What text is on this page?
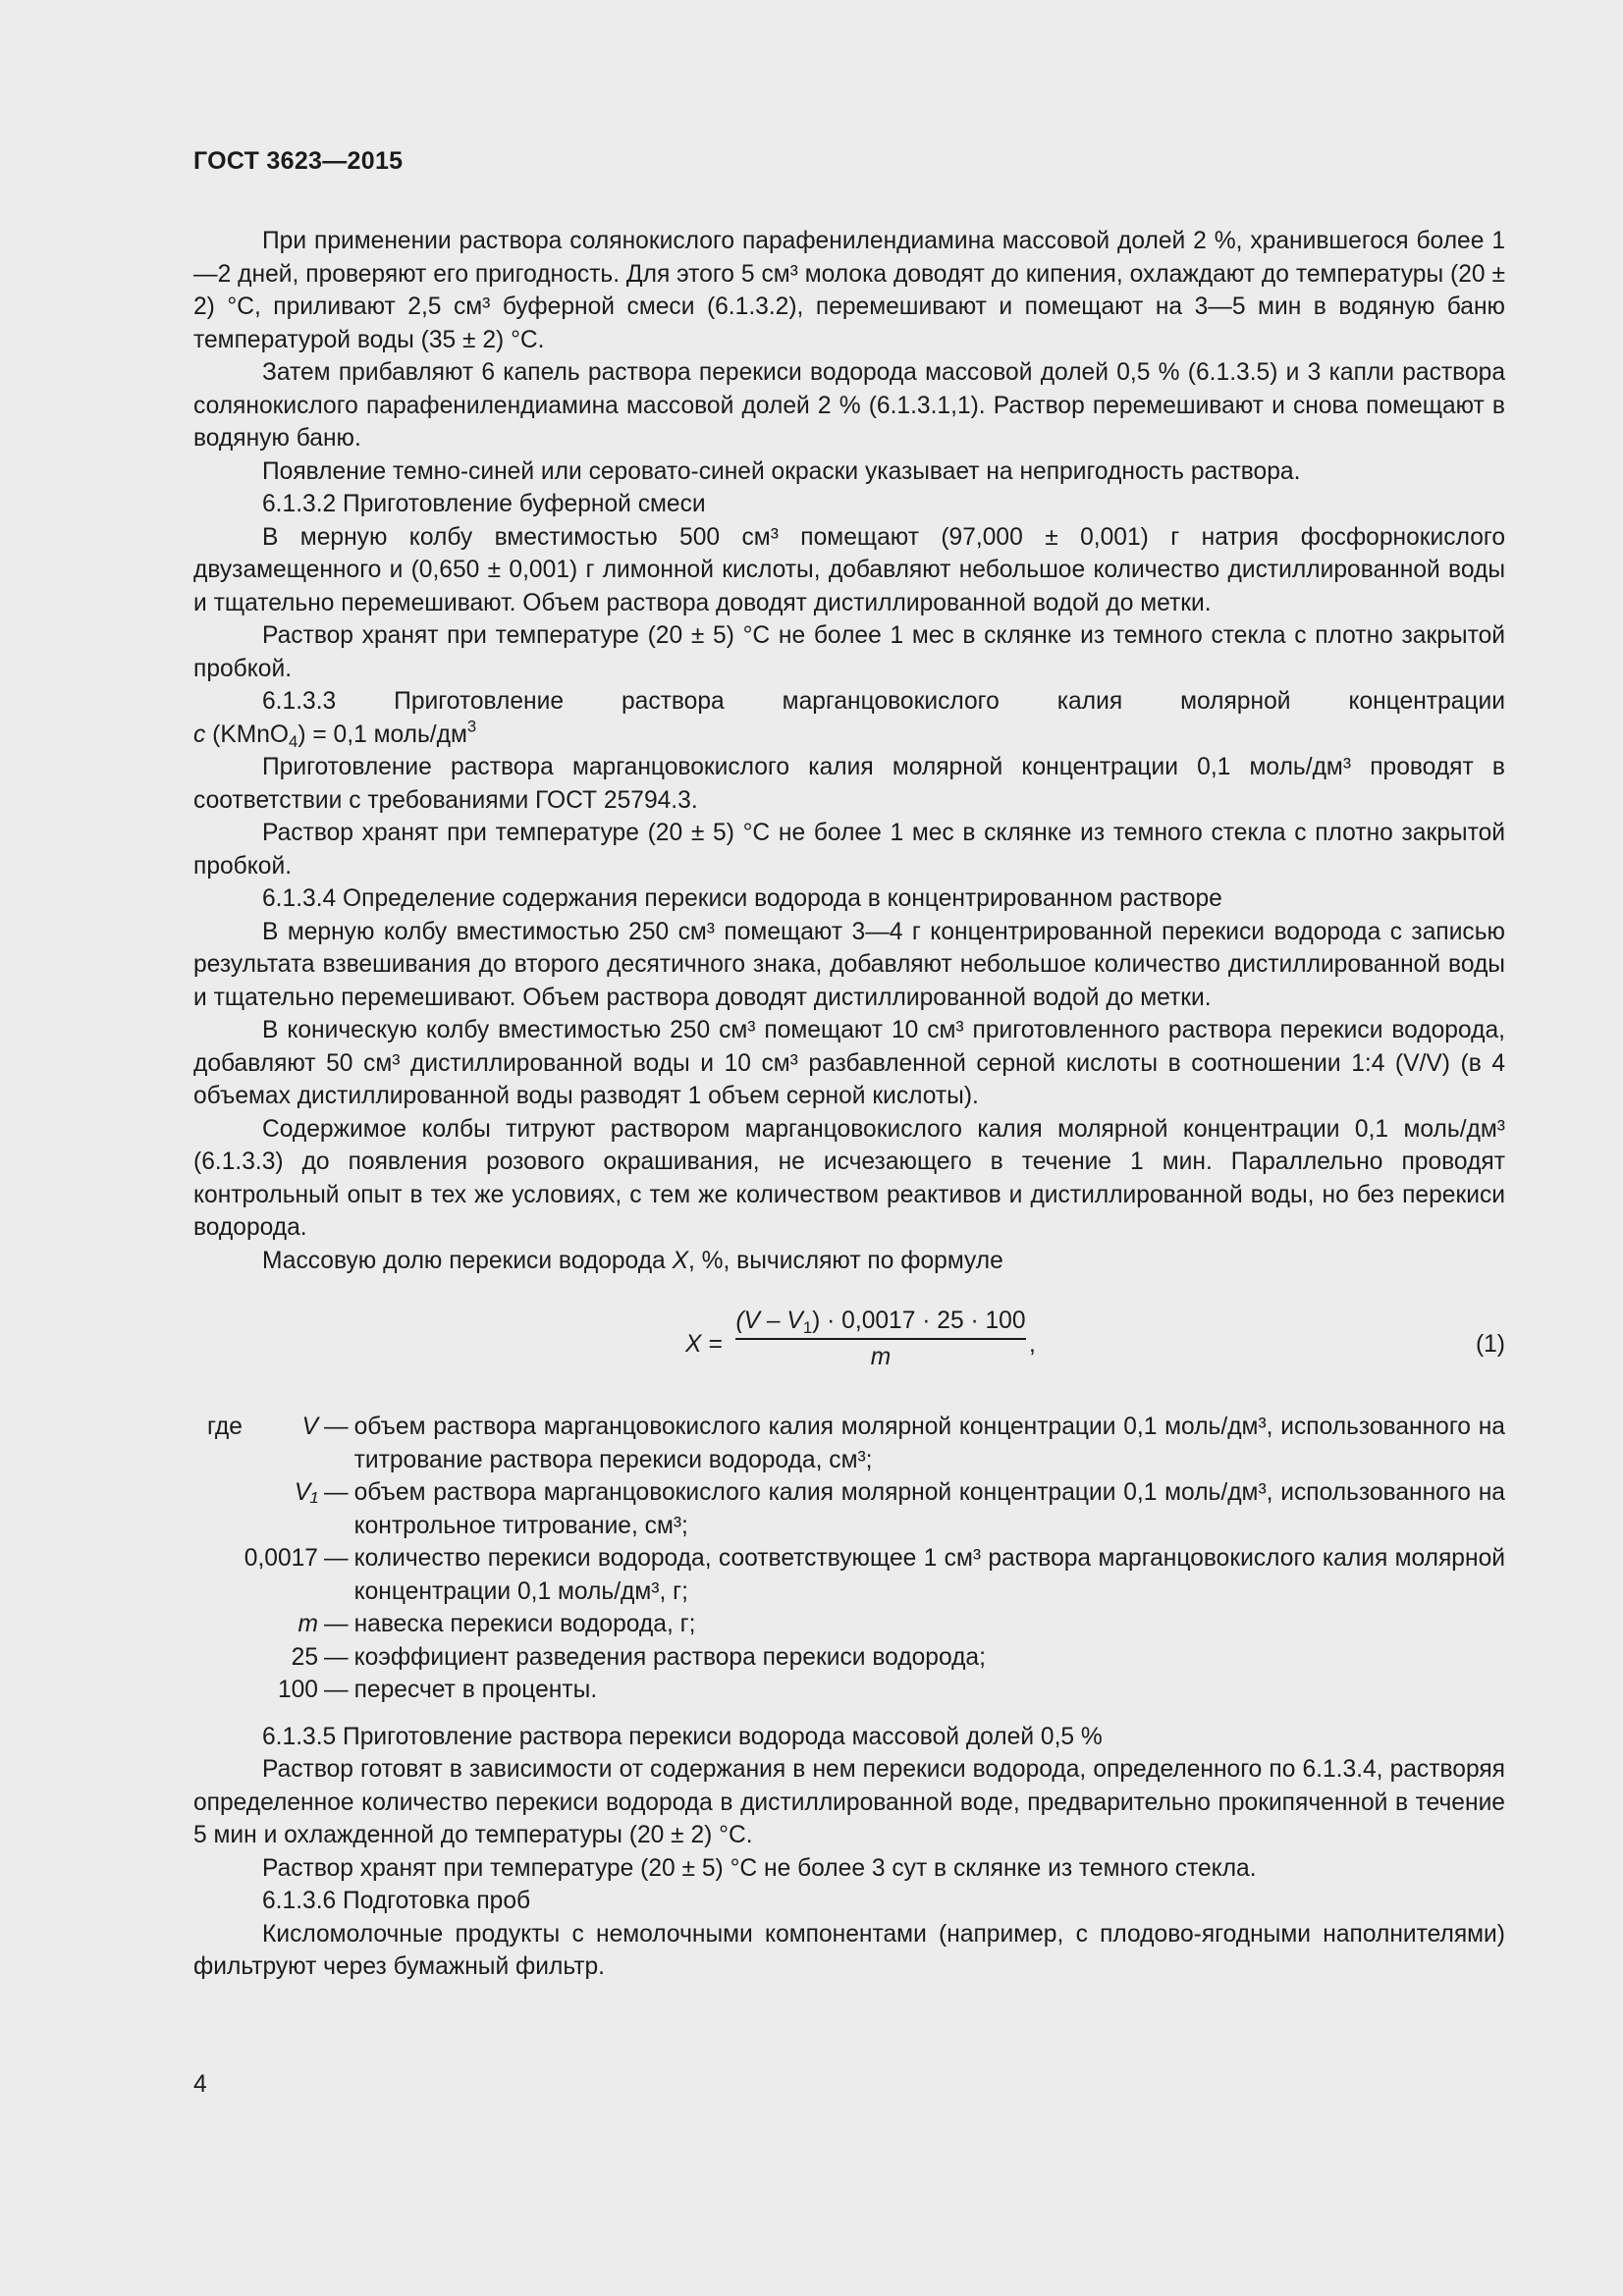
ГОСТ 3623—2015

При применении раствора солянокислого парафенилендиамина массовой долей 2 %, хранившегося более 1—2 дней, проверяют его пригодность. Для этого 5 см³ молока доводят до кипения, охлаждают до температуры (20 ± 2) °С, приливают 2,5 см³ буферной смеси (6.1.3.2), перемешивают и помещают на 3—5 мин в водяную баню температурой воды (35 ± 2) °С.

Затем прибавляют 6 капель раствора перекиси водорода массовой долей 0,5 % (6.1.3.5) и 3 капли раствора солянокислого парафенилендиамина массовой долей 2 % (6.1.3.1,1). Раствор перемешивают и снова помещают в водяную баню.

Появление темно-синей или серовато-синей окраски указывает на непригодность раствора.

6.1.3.2 Приготовление буферной смеси

В мерную колбу вместимостью 500 см³ помещают (97,000 ± 0,001) г натрия фосфорнокислого двузамещенного и (0,650 ± 0,001) г лимонной кислоты, добавляют небольшое количество дистиллированной воды и тщательно перемешивают. Объем раствора доводят дистиллированной водой до метки.

Раствор хранят при температуре (20 ± 5) °С не более 1 мес в склянке из темного стекла с плотно закрытой пробкой.

6.1.3.3 Приготовление раствора марганцовокислого калия молярной концентрации

c (KMnO$_4$) = 0,1 моль/$дм^3$

Приготовление раствора марганцовокислого калия молярной концентрации 0,1 моль/дм³ проводят в соответствии с требованиями ГОСТ 25794.3.

Раствор хранят при температуре (20 ± 5) °С не более 1 мес в склянке из темного стекла с плотно закрытой пробкой.

6.1.3.4 Определение содержания перекиси водорода в концентрированном растворе

В мерную колбу вместимостью 250 см³ помещают 3—4 г концентрированной перекиси водорода с записью результата взвешивания до второго десятичного знака, добавляют небольшое количество дистиллированной воды и тщательно перемешивают. Объем раствора доводят дистиллированной водой до метки.

В коническую колбу вместимостью 250 см³ помещают 10 см³ приготовленного раствора перекиси водорода, добавляют 50 см³ дистиллированной воды и 10 см³ разбавленной серной кислоты в соотношении 1:4 (V/V) (в 4 объемах дистиллированной воды разводят 1 объем серной кислоты).

Содержимое колбы титруют раствором марганцовокислого калия молярной концентрации 0,1 моль/дм³ (6.1.3.3) до появления розового окрашивания, не исчезающего в течение 1 мин. Параллельно проводят контрольный опыт в тех же условиях, с тем же количеством реактивов и дистиллированной воды, но без перекиси водорода.

Массовую долю перекиси водорода X, %, вычисляют по формуле

$X = \frac{(V - V_1) \cdot 0,0017 \cdot 25 \cdot 100}{m}$ ,	(1)
где V — объем раствора марганцовокислого калия молярной концентрации 0,1 моль/дм³, использованного на титрование раствора перекиси водорода, см³;
V₁ — объем раствора марганцовокислого калия молярной концентрации 0,1 моль/дм³, использованного на контрольное титрование, см³;
0,0017 — количество перекиси водорода, соответствующее 1 см³ раствора марганцовокислого калия молярной концентрации 0,1 моль/дм³, г;
m — навеска перекиси водорода, г;
25 — коэффициент разведения раствора перекиси водорода;
100 — пересчет в проценты.

6.1.3.5 Приготовление раствора перекиси водорода массовой долей 0,5 %

Раствор готовят в зависимости от содержания в нем перекиси водорода, определенного по 6.1.3.4, растворяя определенное количество перекиси водорода в дистиллированной воде, предварительно прокипяченной в течение 5 мин и охлажденной до температуры (20 ± 2) °С.

Раствор хранят при температуре (20 ± 5) °С не более 3 сут в склянке из темного стекла.

6.1.3.6 Подготовка проб

Кисломолочные продукты с немолочными компонентами (например, с плодово-ягодными наполнителями) фильтруют через бумажный фильтр.

4
